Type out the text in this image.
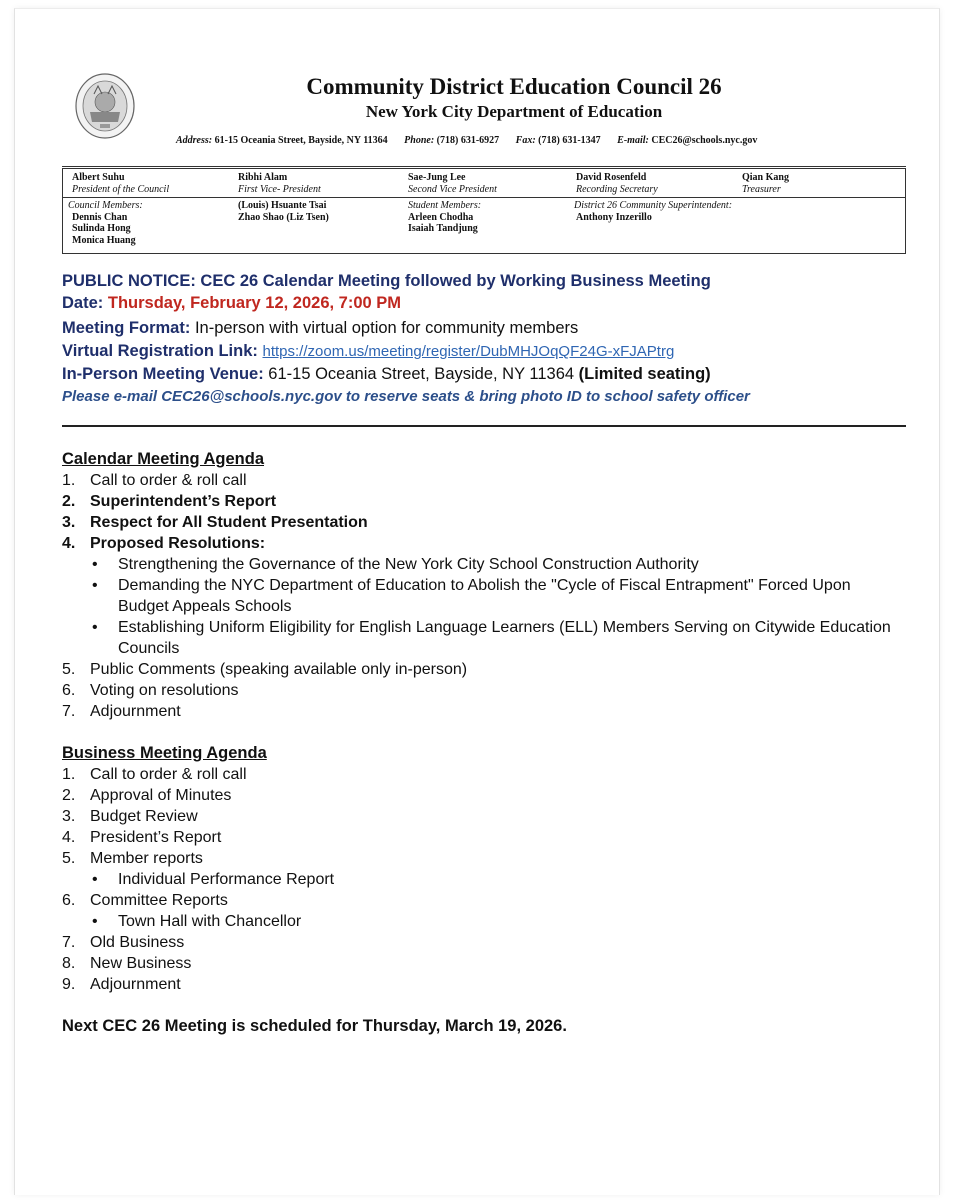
Community District Education Council 26
New York City Department of Education
Address: 61-15 Oceania Street, Bayside, NY 11364 Phone: (718) 631-6927 Fax: (718) 631-1347 E-mail: CEC26@schools.nyc.gov
Albert Suhu
President of the Council
Ribhi Alam
First Vice- President
Sae-Jung Lee
Second Vice President
David Rosenfeld
Recording Secretary
Qian Kang
Treasurer
Council Members:
Dennis Chan
Sulinda Hong
Monica Huang
(Louis) Hsuante Tsai
Zhao Shao (Liz Tsen)
Student Members:
Arleen Chodha
Isaiah Tandjung
District 26 Community Superintendent:
Anthony Inzerillo
PUBLIC NOTICE: CEC 26 Calendar Meeting followed by Working Business Meeting
Date: Thursday, February 12, 2026, 7:00 PM
Meeting Format: In-person with virtual option for community members
Virtual Registration Link: https://zoom.us/meeting/register/DubMHJOqQF24G-xFJAPtrg
In-Person Meeting Venue: 61-15 Oceania Street, Bayside, NY 11364 (Limited seating)
Please e-mail CEC26@schools.nyc.gov to reserve seats & bring photo ID to school safety officer
Calendar Meeting Agenda
1. Call to order & roll call
2. Superintendent’s Report
3. Respect for All Student Presentation
4. Proposed Resolutions:
• Strengthening the Governance of the New York City School Construction Authority
• Demanding the NYC Department of Education to Abolish the "Cycle of Fiscal Entrapment" Forced Upon Budget Appeals Schools
• Establishing Uniform Eligibility for English Language Learners (ELL) Members Serving on Citywide Education Councils
5. Public Comments (speaking available only in-person)
6. Voting on resolutions
7. Adjournment
Business Meeting Agenda
1. Call to order & roll call
2. Approval of Minutes
3. Budget Review
4. President’s Report
5. Member reports
• Individual Performance Report
6. Committee Reports
• Town Hall with Chancellor
7. Old Business
8. New Business
9. Adjournment
Next CEC 26 Meeting is scheduled for Thursday, March 19, 2026.
